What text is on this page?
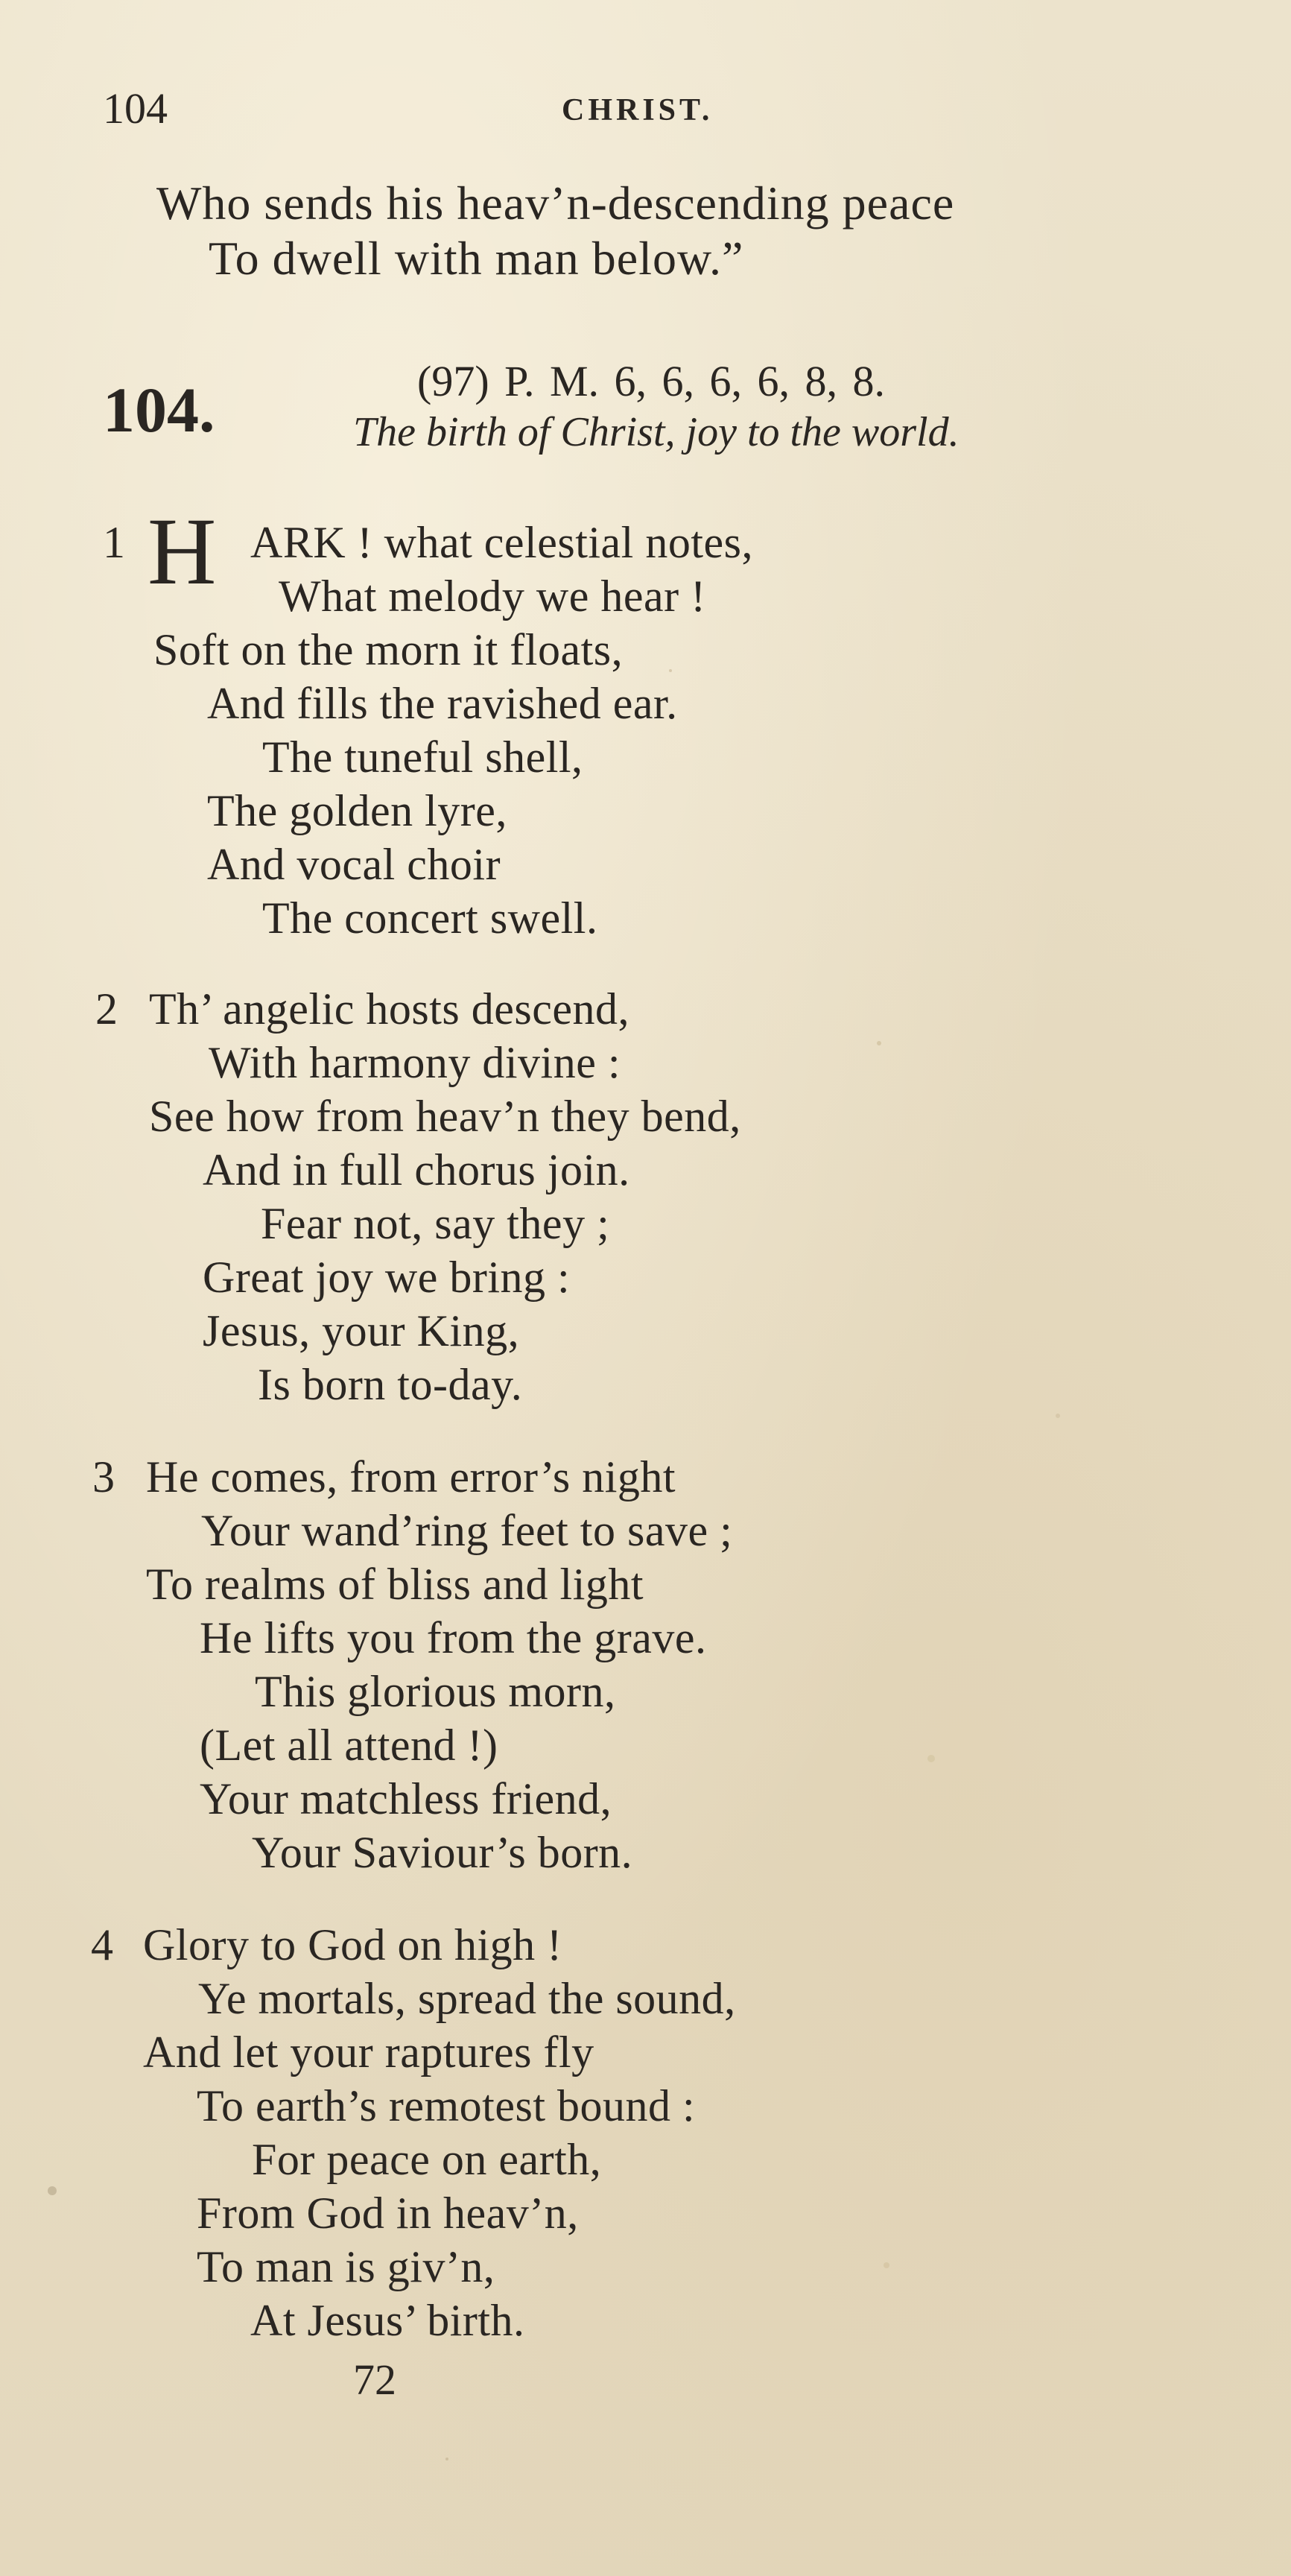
104	CHRIST.
Who sends his heav’n-descending peace
To dwell with man below.”
104.	(97) P. M. 6, 6, 6, 6, 8, 8.
The birth of Christ, joy to the world.
1 H ARK ! what celestial notes,
What melody we hear !
Soft on the morn it floats,
And fills the ravished ear.
The tuneful shell,
The golden lyre,
And vocal choir
The concert swell.
2 Th’ angelic hosts descend,
With harmony divine :
See how from heav’n they bend,
And in full chorus join.
Fear not, say they ;
Great joy we bring :
Jesus, your King,
Is born to-day.
3 He comes, from error’s night
Your wand’ring feet to save ;
To realms of bliss and light
He lifts you from the grave.
This glorious morn,
(Let all attend !)
Your matchless friend,
Your Saviour’s born.
4 Glory to God on high !
Ye mortals, spread the sound,
And let your raptures fly
To earth’s remotest bound :
For peace on earth,
From God in heav’n,
To man is giv’n,
At Jesus’ birth.
72
